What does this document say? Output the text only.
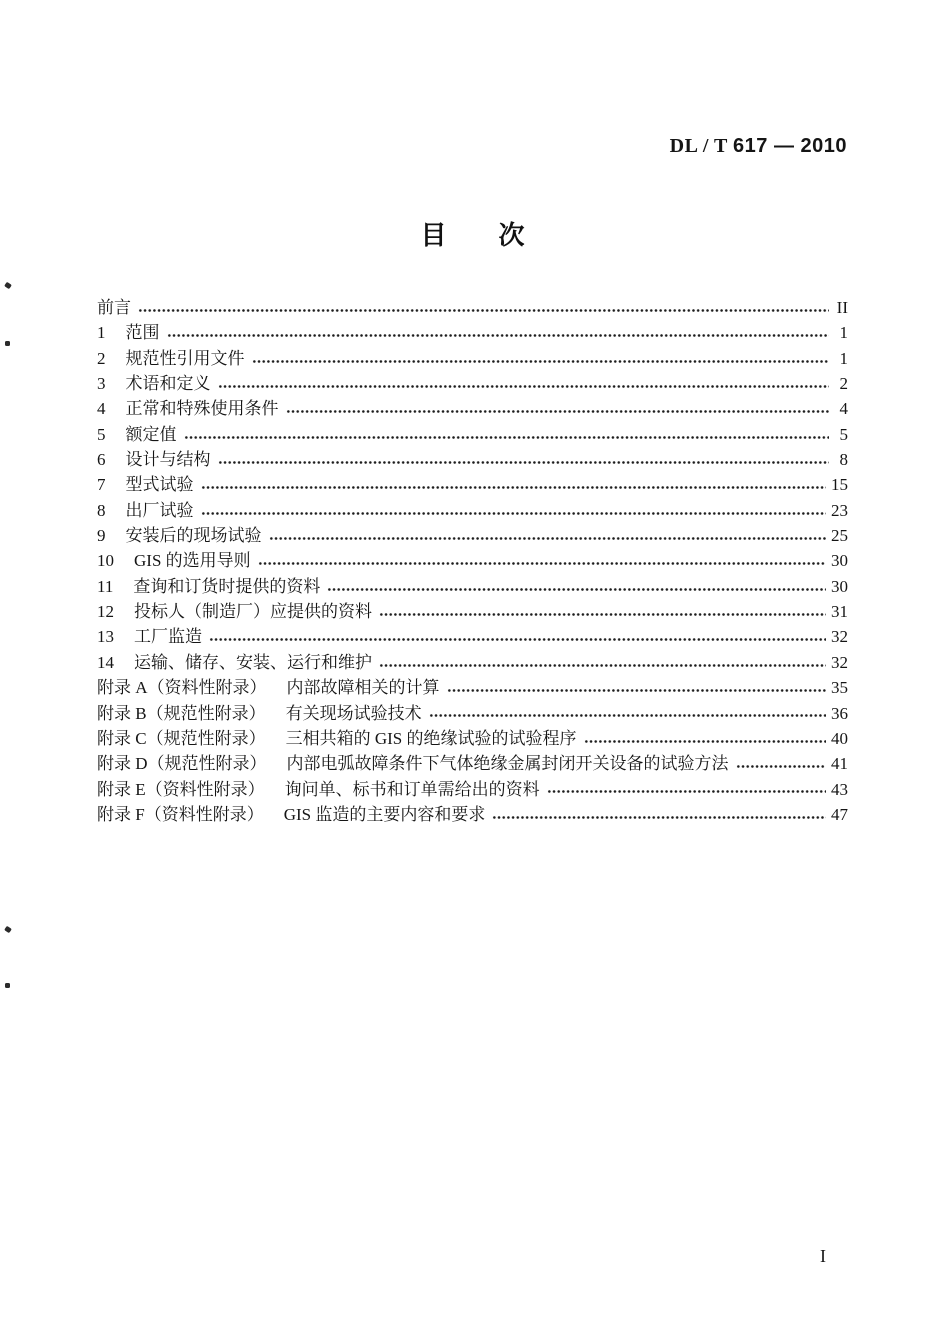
DL / T 617 — 2010
目　　次
前言	II
1 范围	1
2 规范性引用文件	1
3 术语和定义	2
4 正常和特殊使用条件	4
5 额定值	5
6 设计与结构	8
7 型式试验	15
8 出厂试验	23
9 安装后的现场试验	25
10 GIS 的选用导则	30
11 查询和订货时提供的资料	30
12 投标人（制造厂）应提供的资料	31
13 工厂监造	32
14 运输、储存、安装、运行和维护	32
附录 A（资料性附录） 内部故障相关的计算	35
附录 B（规范性附录） 有关现场试验技术	36
附录 C（规范性附录） 三相共箱的 GIS 的绝缘试验的试验程序	40
附录 D（规范性附录） 内部电弧故障条件下气体绝缘金属封闭开关设备的试验方法	41
附录 E（资料性附录） 询问单、标书和订单需给出的资料	43
附录 F（资料性附录） GIS 监造的主要内容和要求	47
I
